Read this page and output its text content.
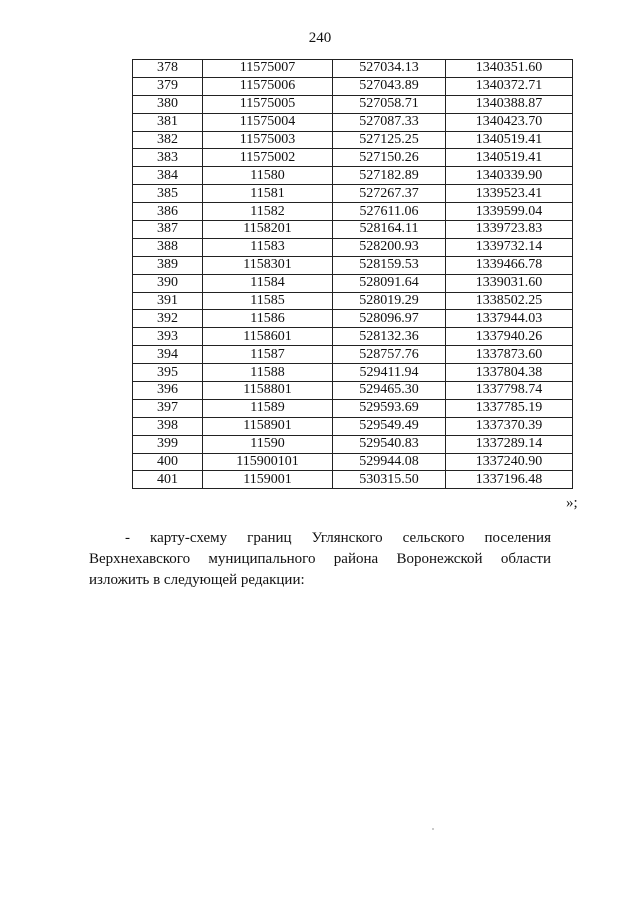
240
378	11575007	527034.13	1340351.60
379	11575006	527043.89	1340372.71
380	11575005	527058.71	1340388.87
381	11575004	527087.33	1340423.70
382	11575003	527125.25	1340519.41
383	11575002	527150.26	1340519.41
384	11580	527182.89	1340339.90
385	11581	527267.37	1339523.41
386	11582	527611.06	1339599.04
387	1158201	528164.11	1339723.83
388	11583	528200.93	1339732.14
389	1158301	528159.53	1339466.78
390	11584	528091.64	1339031.60
391	11585	528019.29	1338502.25
392	11586	528096.97	1337944.03
393	1158601	528132.36	1337940.26
394	11587	528757.76	1337873.60
395	11588	529411.94	1337804.38
396	1158801	529465.30	1337798.74
397	11589	529593.69	1337785.19
398	1158901	529549.49	1337370.39
399	11590	529540.83	1337289.14
400	115900101	529944.08	1337240.90
401	1159001	530315.50	1337196.48
»;
- карту-схему границ Углянского сельского поселения Верхнехавского муниципального района Воронежской области изложить в следующей редакции:
